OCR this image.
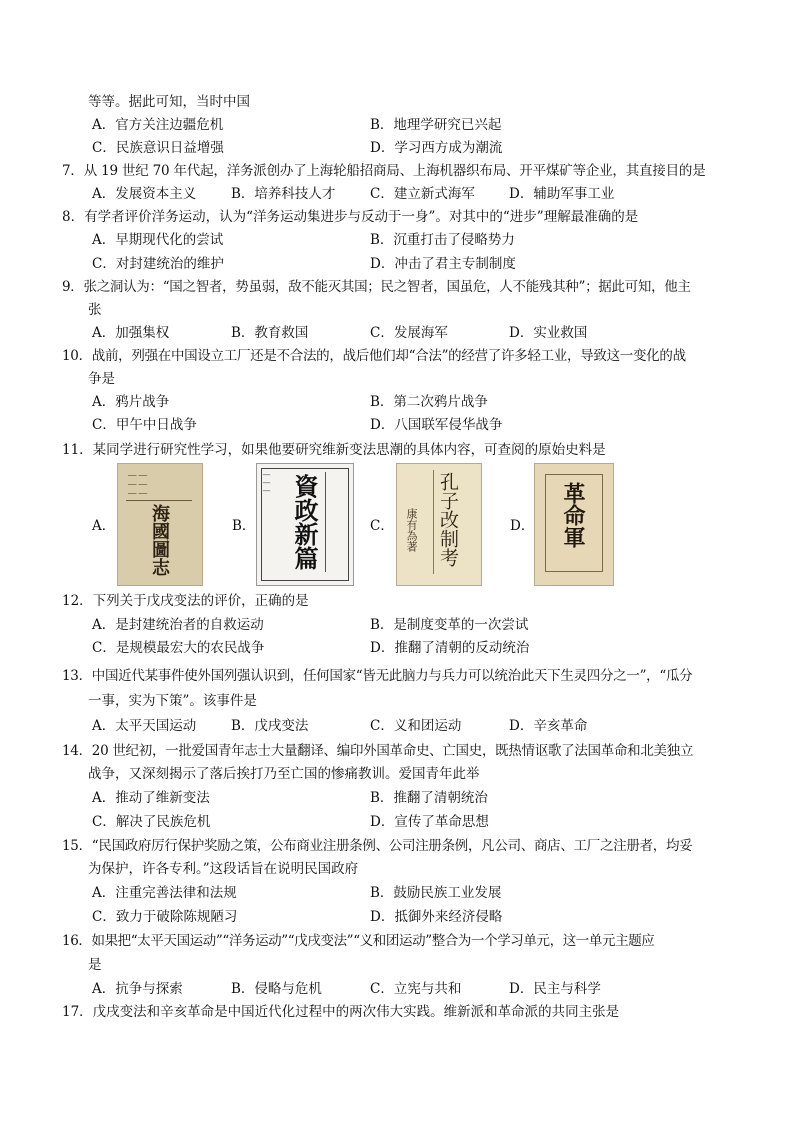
等等。据此可知，当时中国
A．官方关注边疆危机	B．地理学研究已兴起
C．民族意识日益增强	D．学习西方成为潮流
7．从 19 世纪 70 年代起，洋务派创办了上海轮船招商局、上海机器织布局、开平煤矿等企业，其直接目的是
A．发展资本主义	B．培养科技人才	C．建立新式海军	D．辅助军事工业
8．有学者评价洋务运动，认为“洋务运动集进步与反动于一身”。对其中的“进步”理解最准确的是
A．早期现代化的尝试	B．沉重打击了侵略势力
C．对封建统治的维护	D．冲击了君主专制制度
9．张之洞认为：“国之智者，势虽弱，敌不能灭其国；民之智者，国虽危，人不能残其种”；据此可知，他主
张
A．加强集权	B．教育救国	C．发展海军	D．实业救国
10．战前，列强在中国设立工厂还是不合法的，战后他们却“合法”的经营了许多轻工业，导致这一变化的战
争是
A．鸦片战争	B．第二次鸦片战争
C．甲午中日战争	D．八国联军侵华战争
11．某同学进行研究性学习，如果他要研究维新变法思潮的具体内容，可查阅的原始史料是
A．
── ──
── ──
── ──
海國圖志	B．
──
──
── 資政新篇	C． 孔子改制考
康有為著	D． 革命軍
12．下列关于戊戌变法的评价，正确的是
A．是封建统治者的自救运动	B．是制度变革的一次尝试
C．是规模最宏大的农民战争	D．推翻了清朝的反动统治
13．中国近代某事件使外国列强认识到，任何国家“皆无此脑力与兵力可以统治此天下生灵四分之一”，“瓜分
一事，实为下策”。该事件是
A．太平天国运动	B．戊戌变法	C．义和团运动	D．辛亥革命
14．20 世纪初，一批爱国青年志士大量翻译、编印外国革命史、亡国史，既热情讴歌了法国革命和北美独立
战争，又深刻揭示了落后挨打乃至亡国的惨痛教训。爱国青年此举
A．推动了维新变法	B．推翻了清朝统治
C．解决了民族危机	D．宣传了革命思想
15．“民国政府厉行保护奖励之策，公布商业注册条例、公司注册条例，凡公司、商店、工厂之注册者，均妥
为保护，许各专利。”这段话旨在说明民国政府
A．注重完善法律和法规	B．鼓励民族工业发展
C．致力于破除陈规陋习	D．抵御外来经济侵略
16．如果把“太平天国运动”“洋务运动”“戊戌变法”“义和团运动”整合为一个学习单元，这一单元主题应
是
A．抗争与探索	B．侵略与危机	C．立宪与共和	D．民主与科学
17．戊戌变法和辛亥革命是中国近代化过程中的两次伟大实践。维新派和革命派的共同主张是
